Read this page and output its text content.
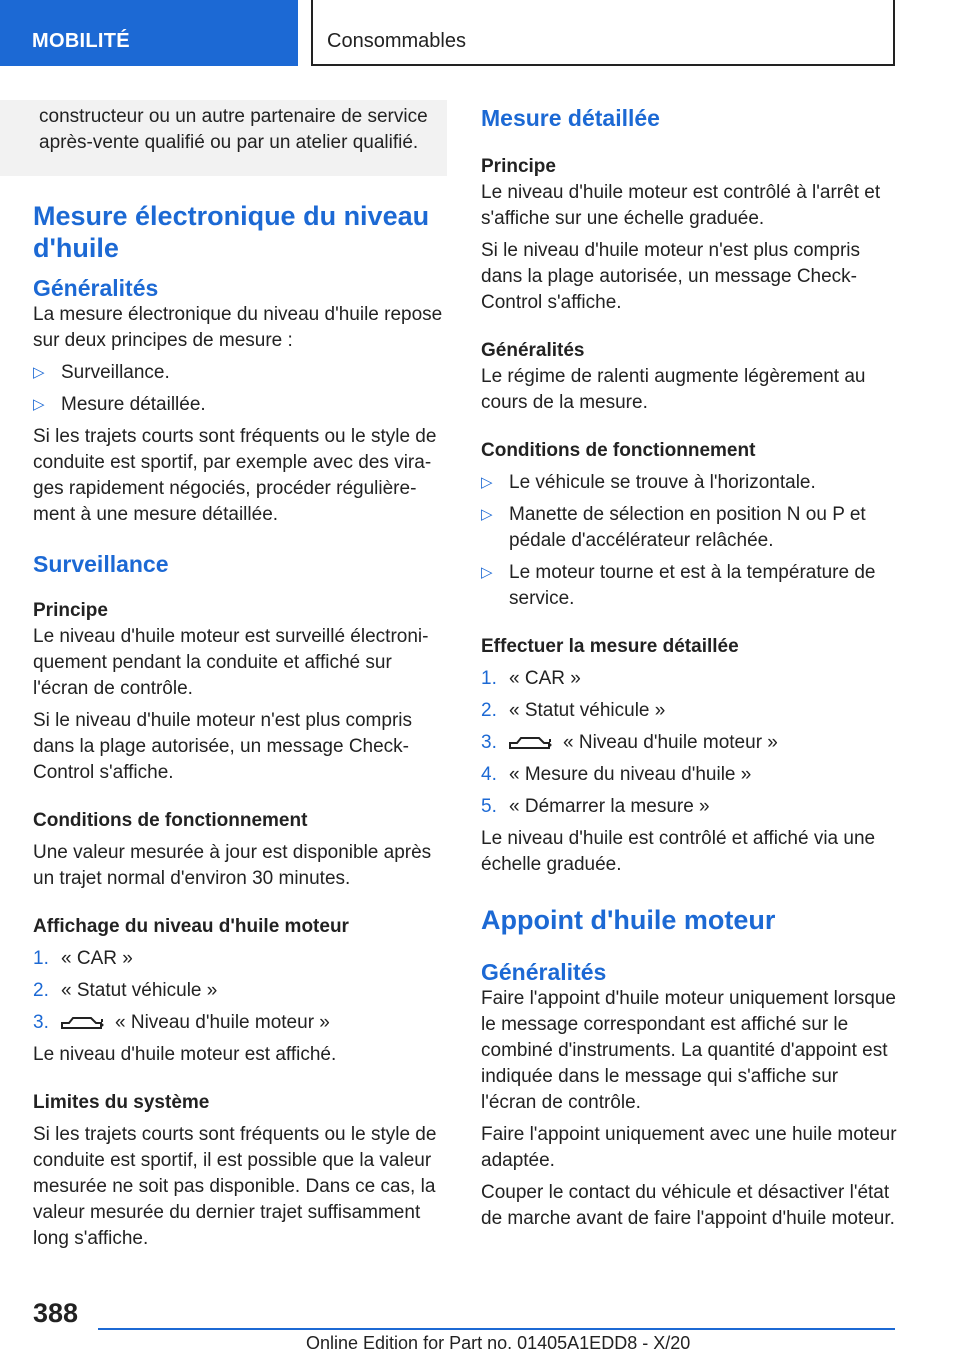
MOBILITÉ	Consommables
constructeur ou un autre partenaire de service après-vente qualifié ou par un atelier qualifié.
Mesure électronique du niveau d'huile
Généralités

La mesure électronique du niveau d'huile repose sur deux principes de mesure :

▷ Surveillance.
▷ Mesure détaillée.

Si les trajets courts sont fréquents ou le style de conduite est sportif, par exemple avec des virages rapidement négociés, procéder régulièrement à une mesure détaillée.

Surveillance
Principe

Le niveau d'huile moteur est surveillé électroniquement pendant la conduite et affiché sur l'écran de contrôle.

Si le niveau d'huile moteur n'est plus compris dans la plage autorisée, un message Check-Control s'affiche.

Conditions de fonctionnement

Une valeur mesurée à jour est disponible après un trajet normal d'environ 30 minutes.

Affichage du niveau d'huile moteur
1. « CAR »
2. « Statut véhicule »
3.	« Niveau d'huile moteur »

Le niveau d'huile moteur est affiché.

Limites du système

Si les trajets courts sont fréquents ou le style de conduite est sportif, il est possible que la valeur mesurée ne soit pas disponible. Dans ce cas, la valeur mesurée du dernier trajet suffisamment long s'affiche.

Mesure détaillée
Principe

Le niveau d'huile moteur est contrôlé à l'arrêt et s'affiche sur une échelle graduée.

Si le niveau d'huile moteur n'est plus compris dans la plage autorisée, un message Check-Control s'affiche.

Généralités

Le régime de ralenti augmente légèrement au cours de la mesure.

Conditions de fonctionnement
▷ Le véhicule se trouve à l'horizontale.
▷ Manette de sélection en position N ou P et pédale d'accélérateur relâchée.
▷ Le moteur tourne et est à la température de service.
Effectuer la mesure détaillée
1. « CAR »
2. « Statut véhicule »
3.	« Niveau d'huile moteur »
4. « Mesure du niveau d'huile »
5. « Démarrer la mesure »

Le niveau d'huile est contrôlé et affiché via une échelle graduée.

Appoint d'huile moteur
Généralités

Faire l'appoint d'huile moteur uniquement lorsque le message correspondant est affiché sur le combiné d'instruments. La quantité d'appoint est indiquée dans le message qui s'affiche sur l'écran de contrôle.

Faire l'appoint uniquement avec une huile moteur adaptée.

Couper le contact du véhicule et désactiver l'état de marche avant de faire l'appoint d'huile moteur.

388
Online Edition for Part no. 01405A1EDD8 - X/20
